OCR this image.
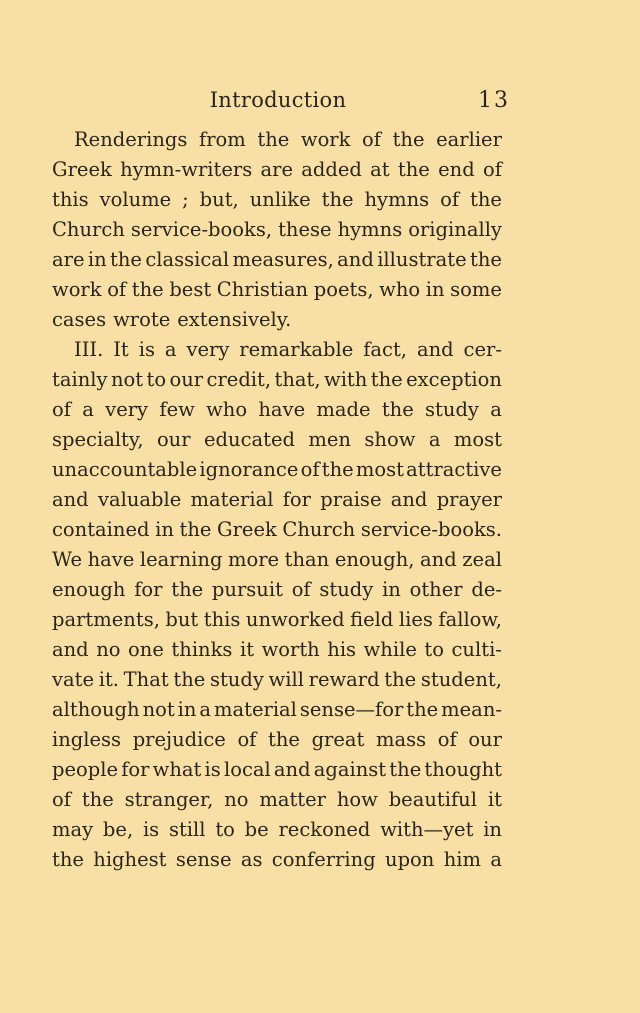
Introduction	13
Renderings from the work of the earlier
Greek hymn-writers are added at the end of
this volume ; but, unlike the hymns of the
Church service-books, these hymns originally
are in the classical measures, and illustrate the
work of the best Christian poets, who in some
cases wrote extensively.
III. It is a very remarkable fact, and cer-
tainly not to our credit, that, with the exception
of a very few who have made the study a
specialty, our educated men show a most
unaccountable ignorance of the most attractive
and valuable material for praise and prayer
contained in the Greek Church service-books.
We have learning more than enough, and zeal
enough for the pursuit of study in other de-
partments, but this unworked field lies fallow,
and no one thinks it worth his while to culti-
vate it. That the study will reward the student,
although not in a material sense—for the mean-
ingless prejudice of the great mass of our
people for what is local and against the thought
of the stranger, no matter how beautiful it
may be, is still to be reckoned with—yet in
the highest sense as conferring upon him a
